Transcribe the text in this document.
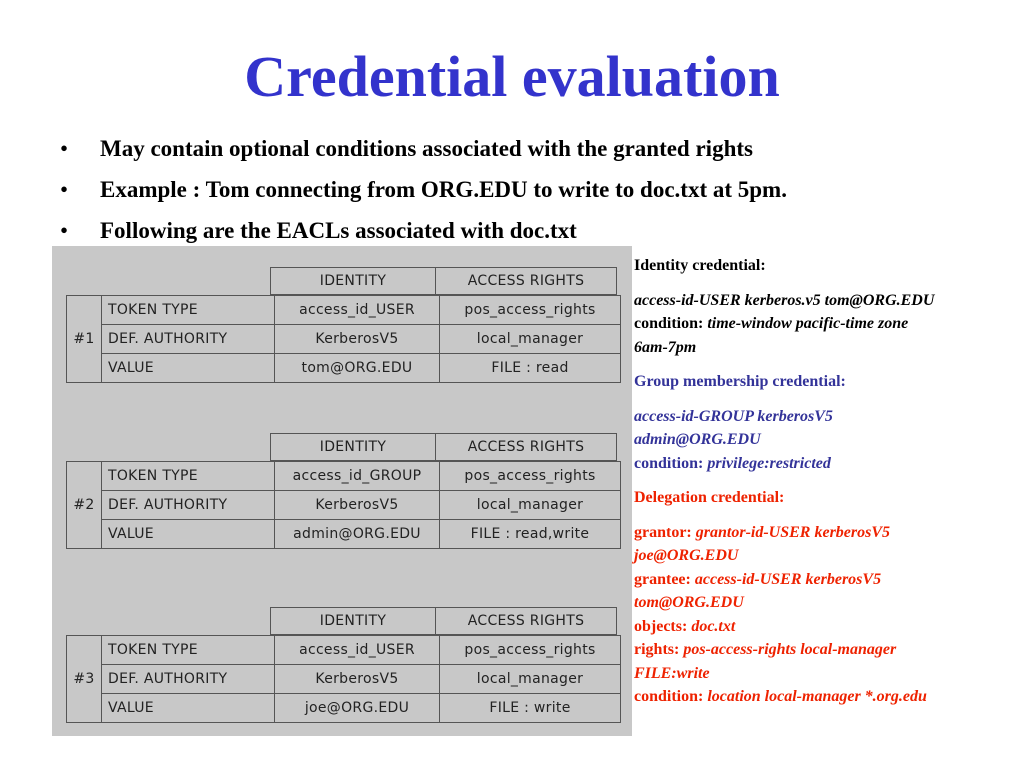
Credential evaluation
• May contain optional conditions associated with the granted rights
• Example : Tom connecting from ORG.EDU to write to doc.txt at 5pm.
• Following are the EACLs associated with doc.txt
IDENTITY	ACCESS RIGHTS
#1	TOKEN TYPE	access_id_USER	pos_access_rights
	DEF. AUTHORITY	KerberosV5	local_manager
	VALUE	tom@ORG.EDU	FILE : read
IDENTITY	ACCESS RIGHTS
#2	TOKEN TYPE	access_id_GROUP	pos_access_rights
	DEF. AUTHORITY	KerberosV5	local_manager
	VALUE	admin@ORG.EDU	FILE : read,write
IDENTITY	ACCESS RIGHTS
#3	TOKEN TYPE	access_id_USER	pos_access_rights
	DEF. AUTHORITY	KerberosV5	local_manager
	VALUE	joe@ORG.EDU	FILE : write

Identity credential:

access-id-USER kerberos.v5 tom@ORG.EDU

condition: time-window pacific-time zone

6am-7pm

Group membership credential:

access-id-GROUP kerberosV5

admin@ORG.EDU

condition: privilege:restricted

Delegation credential:

grantor: grantor-id-USER kerberosV5

joe@ORG.EDU

grantee: access-id-USER kerberosV5

tom@ORG.EDU

objects: doc.txt

rights: pos-access-rights local-manager

FILE:write

condition: location local-manager *.org.edu
